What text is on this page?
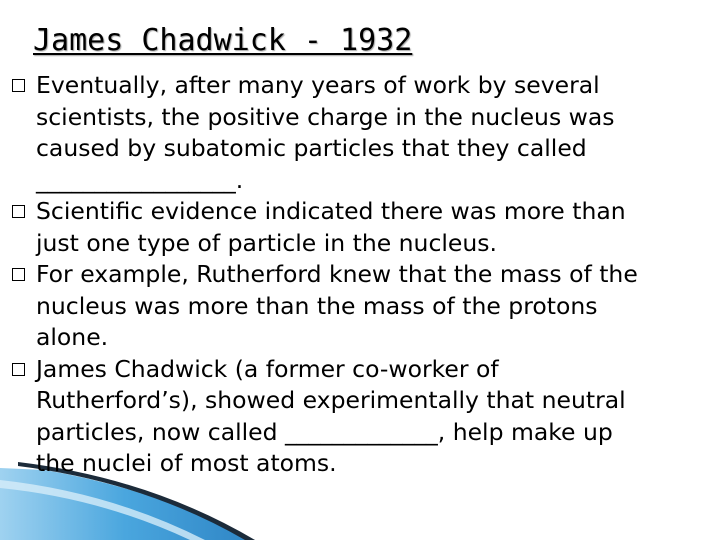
James Chadwick - 1932
Eventually, after many years of work by several
scientists, the positive charge in the nucleus was
caused by subatomic particles that they called
_________________.
Scientific evidence indicated there was more than
just one type of particle in the nucleus.
For example, Rutherford knew that the mass of the
nucleus was more than the mass of the protons
alone.
James Chadwick (a former co-worker of
Rutherford’s), showed experimentally that neutral
particles, now called _____________, help make up
the nuclei of most atoms.
